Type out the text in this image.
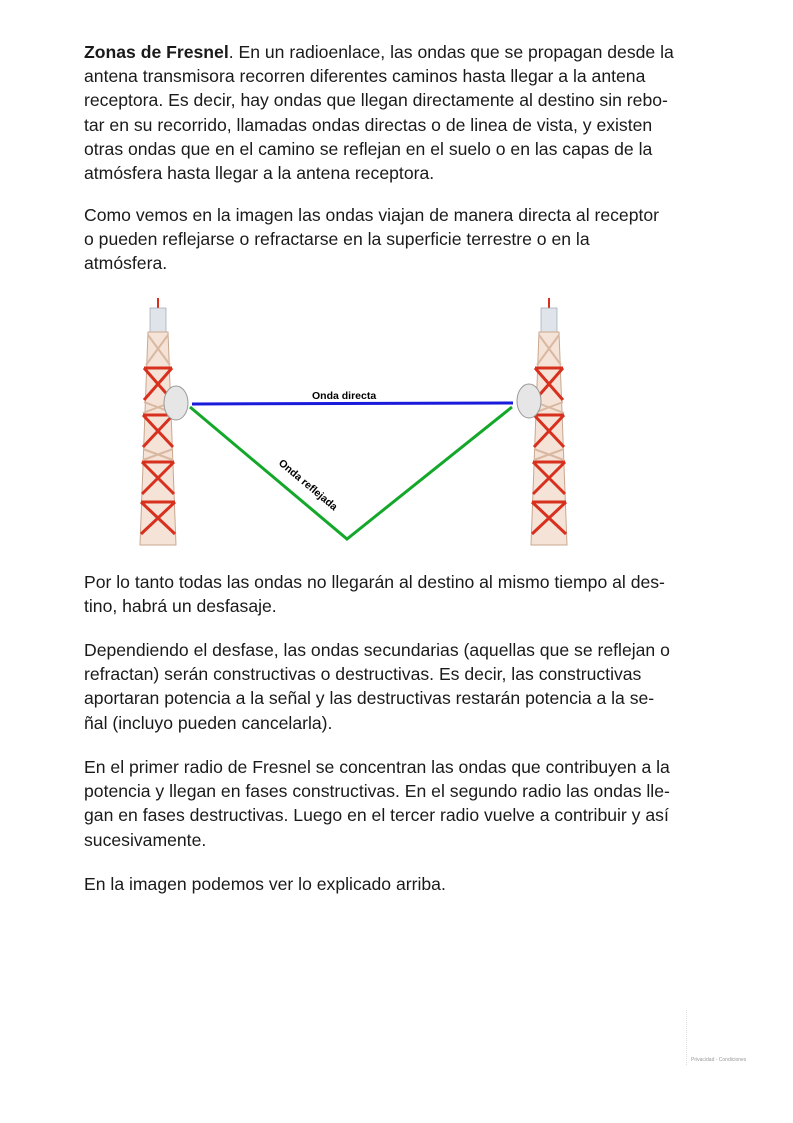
Zonas de Fresnel. En un radioenlace, las ondas que se propagan desde la
antena transmisora recorren diferentes caminos hasta llegar a la antena
receptora. Es decir, hay ondas que llegan directamente al destino sin rebo-
tar en su recorrido, llamadas ondas directas o de linea de vista, y existen
otras ondas que en el camino se reflejan en el suelo o en las capas de la
atmósfera hasta llegar a la antena receptora.
Como vemos en la imagen las ondas viajan de manera directa al receptor
o pueden reflejarse o refractarse en la superficie terrestre o en la
atmósfera.
Onda directa
Onda reflejada
Por lo tanto todas las ondas no llegarán al destino al mismo tiempo al des-
tino, habrá un desfasaje.
Dependiendo el desfase, las ondas secundarias (aquellas que se reflejan o
refractan) serán constructivas o destructivas. Es decir, las constructivas
aportaran potencia a la señal y las destructivas restarán potencia a la se-
ñal (incluyo pueden cancelarla).
En el primer radio de Fresnel se concentran las ondas que contribuyen a la
potencia y llegan en fases constructivas. En el segundo radio las ondas lle-
gan en fases destructivas. Luego en el tercer radio vuelve a contribuir y así
sucesivamente.
En la imagen podemos ver lo explicado arriba.
Privacidad - Condiciones
